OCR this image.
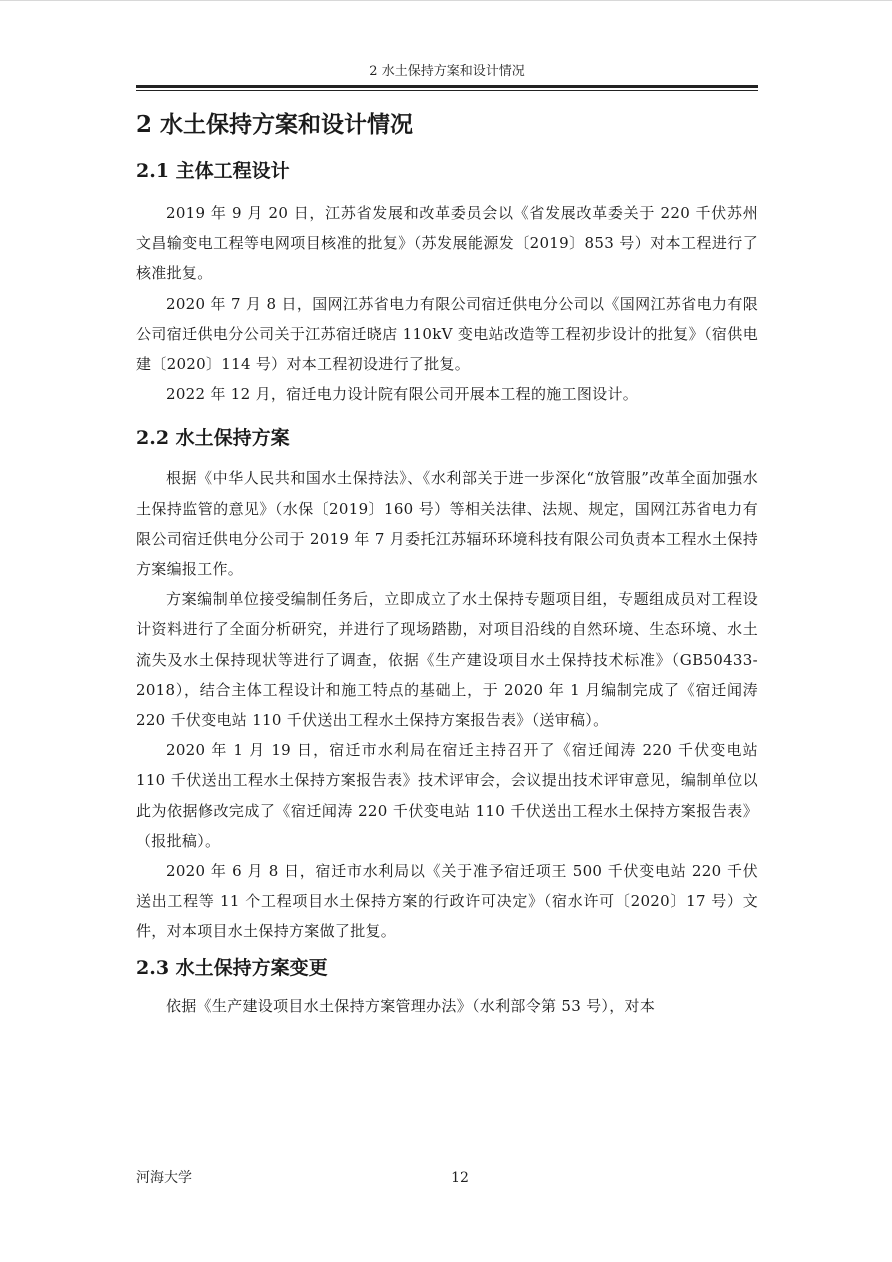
2 水土保持方案和设计情况
2 水土保持方案和设计情况
2.1 主体工程设计

2019 年 9 月 20 日，江苏省发展和改革委员会以《省发展改革委关于 220 千伏苏州文昌输变电工程等电网项目核准的批复》（苏发展能源发〔2019〕853 号）对本工程进行了核准批复。

2020 年 7 月 8 日，国网江苏省电力有限公司宿迁供电分公司以《国网江苏省电力有限公司宿迁供电分公司关于江苏宿迁晓店 110kV 变电站改造等工程初步设计的批复》（宿供电建〔2020〕114 号）对本工程初设进行了批复。

2022 年 12 月，宿迁电力设计院有限公司开展本工程的施工图设计。

2.2 水土保持方案

根据《中华人民共和国水土保持法》、《水利部关于进一步深化“放管服”改革全面加强水土保持监管的意见》（水保〔2019〕160 号）等相关法律、法规、规定，国网江苏省电力有限公司宿迁供电分公司于 2019 年 7 月委托江苏辐环环境科技有限公司负责本工程水土保持方案编报工作。

方案编制单位接受编制任务后，立即成立了水土保持专题项目组，专题组成员对工程设计资料进行了全面分析研究，并进行了现场踏勘，对项目沿线的自然环境、生态环境、水土流失及水土保持现状等进行了调查，依据《生产建设项目水土保持技术标准》（GB50433-2018），结合主体工程设计和施工特点的基础上，于 2020 年 1 月编制完成了《宿迁闻涛 220 千伏变电站 110 千伏送出工程水土保持方案报告表》（送审稿）。

2020 年 1 月 19 日，宿迁市水利局在宿迁主持召开了《宿迁闻涛 220 千伏变电站 110 千伏送出工程水土保持方案报告表》技术评审会，会议提出技术评审意见，编制单位以此为依据修改完成了《宿迁闻涛 220 千伏变电站 110 千伏送出工程水土保持方案报告表》（报批稿）。

2020 年 6 月 8 日，宿迁市水利局以《关于准予宿迁项王 500 千伏变电站 220 千伏送出工程等 11 个工程项目水土保持方案的行政许可决定》（宿水许可〔2020〕17 号）文件，对本项目水土保持方案做了批复。

2.3 水土保持方案变更

依据《生产建设项目水土保持方案管理办法》（水利部令第 53 号），对本

河海大学	12
